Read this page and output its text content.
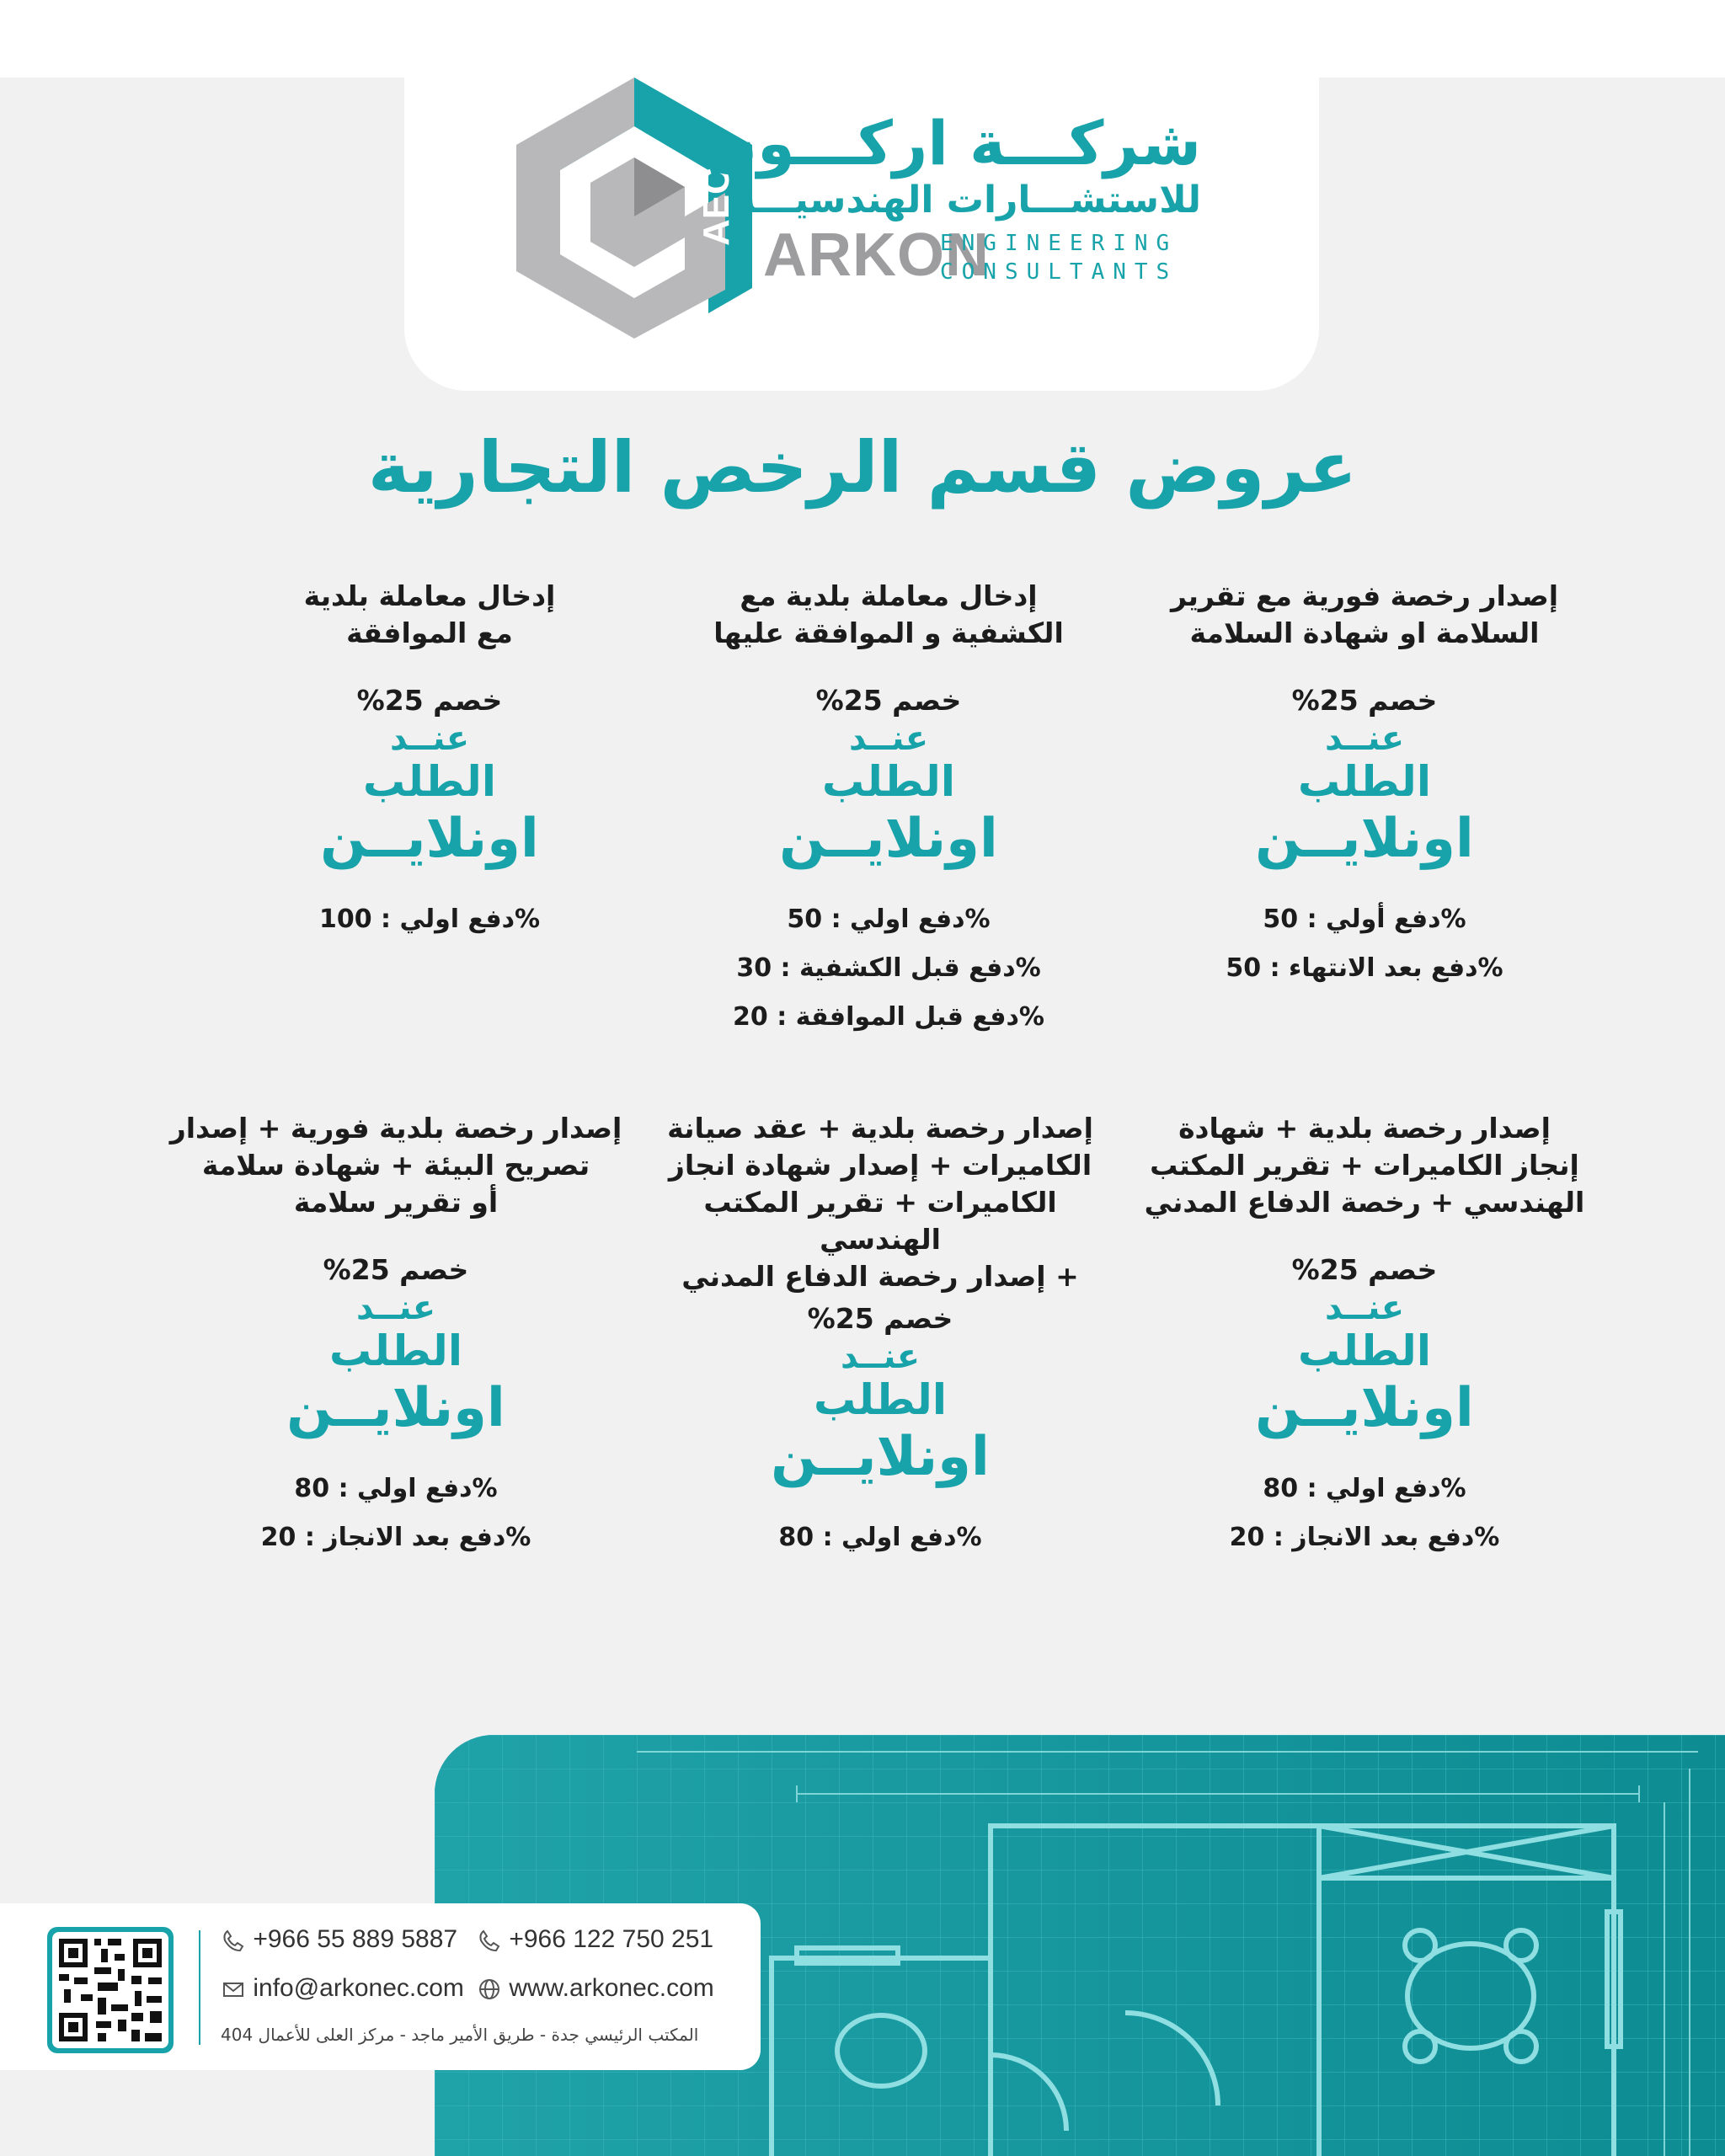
AEC
شركـــة اركـــون
للاستشـــارات الهندسيـــة
ARKON
ENGINEERING
CONSULTANTS
عروض قسم الرخص التجارية
إصدار رخصة فورية مع تقرير
السلامة او شهادة السلامة
خصم 25%
عنــد
الطلب
اونلايــن
%دفع أولي : 50
%دفع بعد الانتهاء : 50
إدخال معاملة بلدية مع
الكشفية و الموافقة عليها
خصم 25%
عنــد
الطلب
اونلايــن
%دفع اولي : 50
%دفع قبل الكشفية : 30
%دفع قبل الموافقة : 20
إدخال معاملة بلدية
مع الموافقة
خصم 25%
عنــد
الطلب
اونلايــن
%دفع اولي : 100
إصدار رخصة بلدية + شهادة
إنجاز الكاميرات + تقرير المكتب
الهندسي + رخصة الدفاع المدني
خصم 25%
عنــد
الطلب
اونلايــن
%دفع اولي : 80
%دفع بعد الانجاز : 20
إصدار رخصة بلدية + عقد صيانة
الكاميرات + إصدار شهادة انجاز
الكاميرات + تقرير المكتب الهندسي
+ إصدار رخصة الدفاع المدني
خصم 25%
عنــد
الطلب
اونلايــن
%دفع اولي : 80
إصدار رخصة بلدية فورية + إصدار
تصريح البيئة + شهادة سلامة
أو تقرير سلامة
خصم 25%
عنــد
الطلب
اونلايــن
%دفع اولي : 80
%دفع بعد الانجاز : 20
+966 55 889 5887	+966 122 750 251
info@arkonec.com	www.arkonec.com
المكتب الرئيسي جدة - طريق الأمير ماجد - مركز العلى للأعمال 404
